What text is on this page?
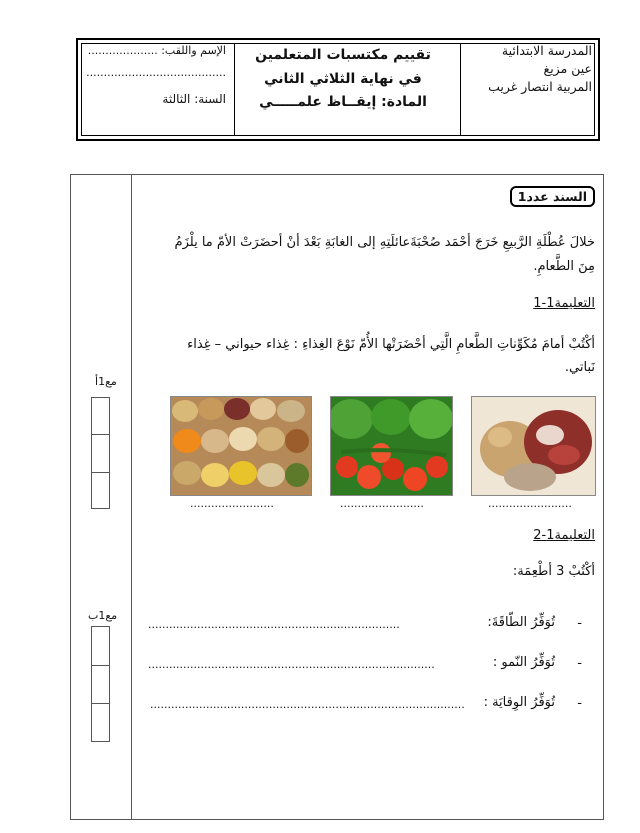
المدرسة الابتدائية
عين مزيغ
المربية انتصار غريب
تقييم مكتسبات المتعلمين
في نهاية الثلاثي الثاني
المادة: إيقــاظ علمـــــي
الإسم واللقب: ....................
........................................
السنة: الثالثة
مع1أ
مع1ب
السند عدد1
خلالَ عُطْلَةِ الرَّبيعِ خَرَجَ أحْمَد صُحْبَةَعائلَتِهِ إلى الغابَةِ بَعْدَ أنْ أحضَرَتْ الأمّ ما يلْزَمُ
مِنَ الطَّعامِ.
التعليمة1-1
أكْتُبْ أمامَ مُكَوِّناتِ الطَّعامِ الَّتِي أحْضَرَتْها الأُمّ نَوْعَ الغِذاءِ : غِذاء حيواني – غِذاء
نَباتي.
........................
........................
........................
التعليمة1-2
أكْتُبْ 3 أطْعِمَة:
-
تُوَفِّرُ الطّاقَةَ:
........................................................................
-
تُوَفِّرُ النّمو :
..................................................................................
-
تُوَفِّرُ الوِقايَة :
..........................................................................................
